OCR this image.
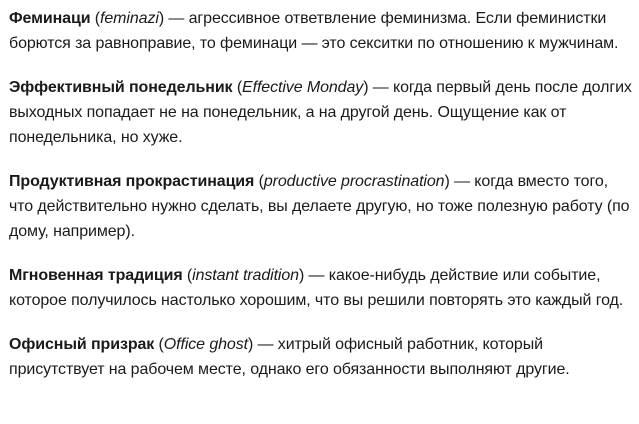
Феминаци (feminazi) — агрессивное ответвление феминизма. Если феминистки борются за равноправие, то феминаци — это секситки по отношению к мужчинам.

Эффективный понедельник (Effective Monday) — когда первый день после долгих выходных попадает не на понедельник, а на другой день. Ощущение как от понедельника, но хуже.

Продуктивная прокрастинация (productive procrastination) — когда вместо того, что действительно нужно сделать, вы делаете другую, но тоже полезную работу (по дому, например).

Мгновенная традиция (instant tradition) — какое-нибудь действие или событие, которое получилось настолько хорошим, что вы решили повторять это каждый год.

Офисный призрак (Office ghost) — хитрый офисный работник, который присутствует на рабочем месте, однако его обязанности выполняют другие.
